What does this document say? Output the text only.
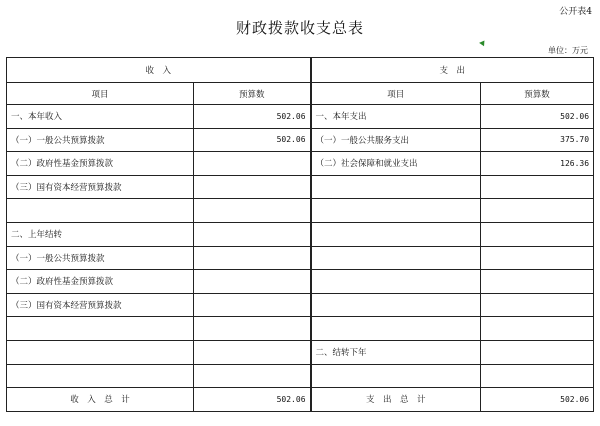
公开表4
财政拨款收支总表
单位：万元
收　入		支　出	
项目	预算数	项目	预算数
一、本年收入	502.06	一、本年支出	502.06
（一）一般公共预算拨款	502.06	（一）一般公共服务支出	375.70
（二）政府性基金预算拨款		（二）社会保障和就业支出	126.36
（三）国有资本经营预算拨款			

二、上年结转			
（一）一般公共预算拨款			
（二）政府性基金预算拨款			
（三）国有资本经营预算拨款			

		二、结转下年	

收　入　总　计	502.06	支　出　总　计	502.06
